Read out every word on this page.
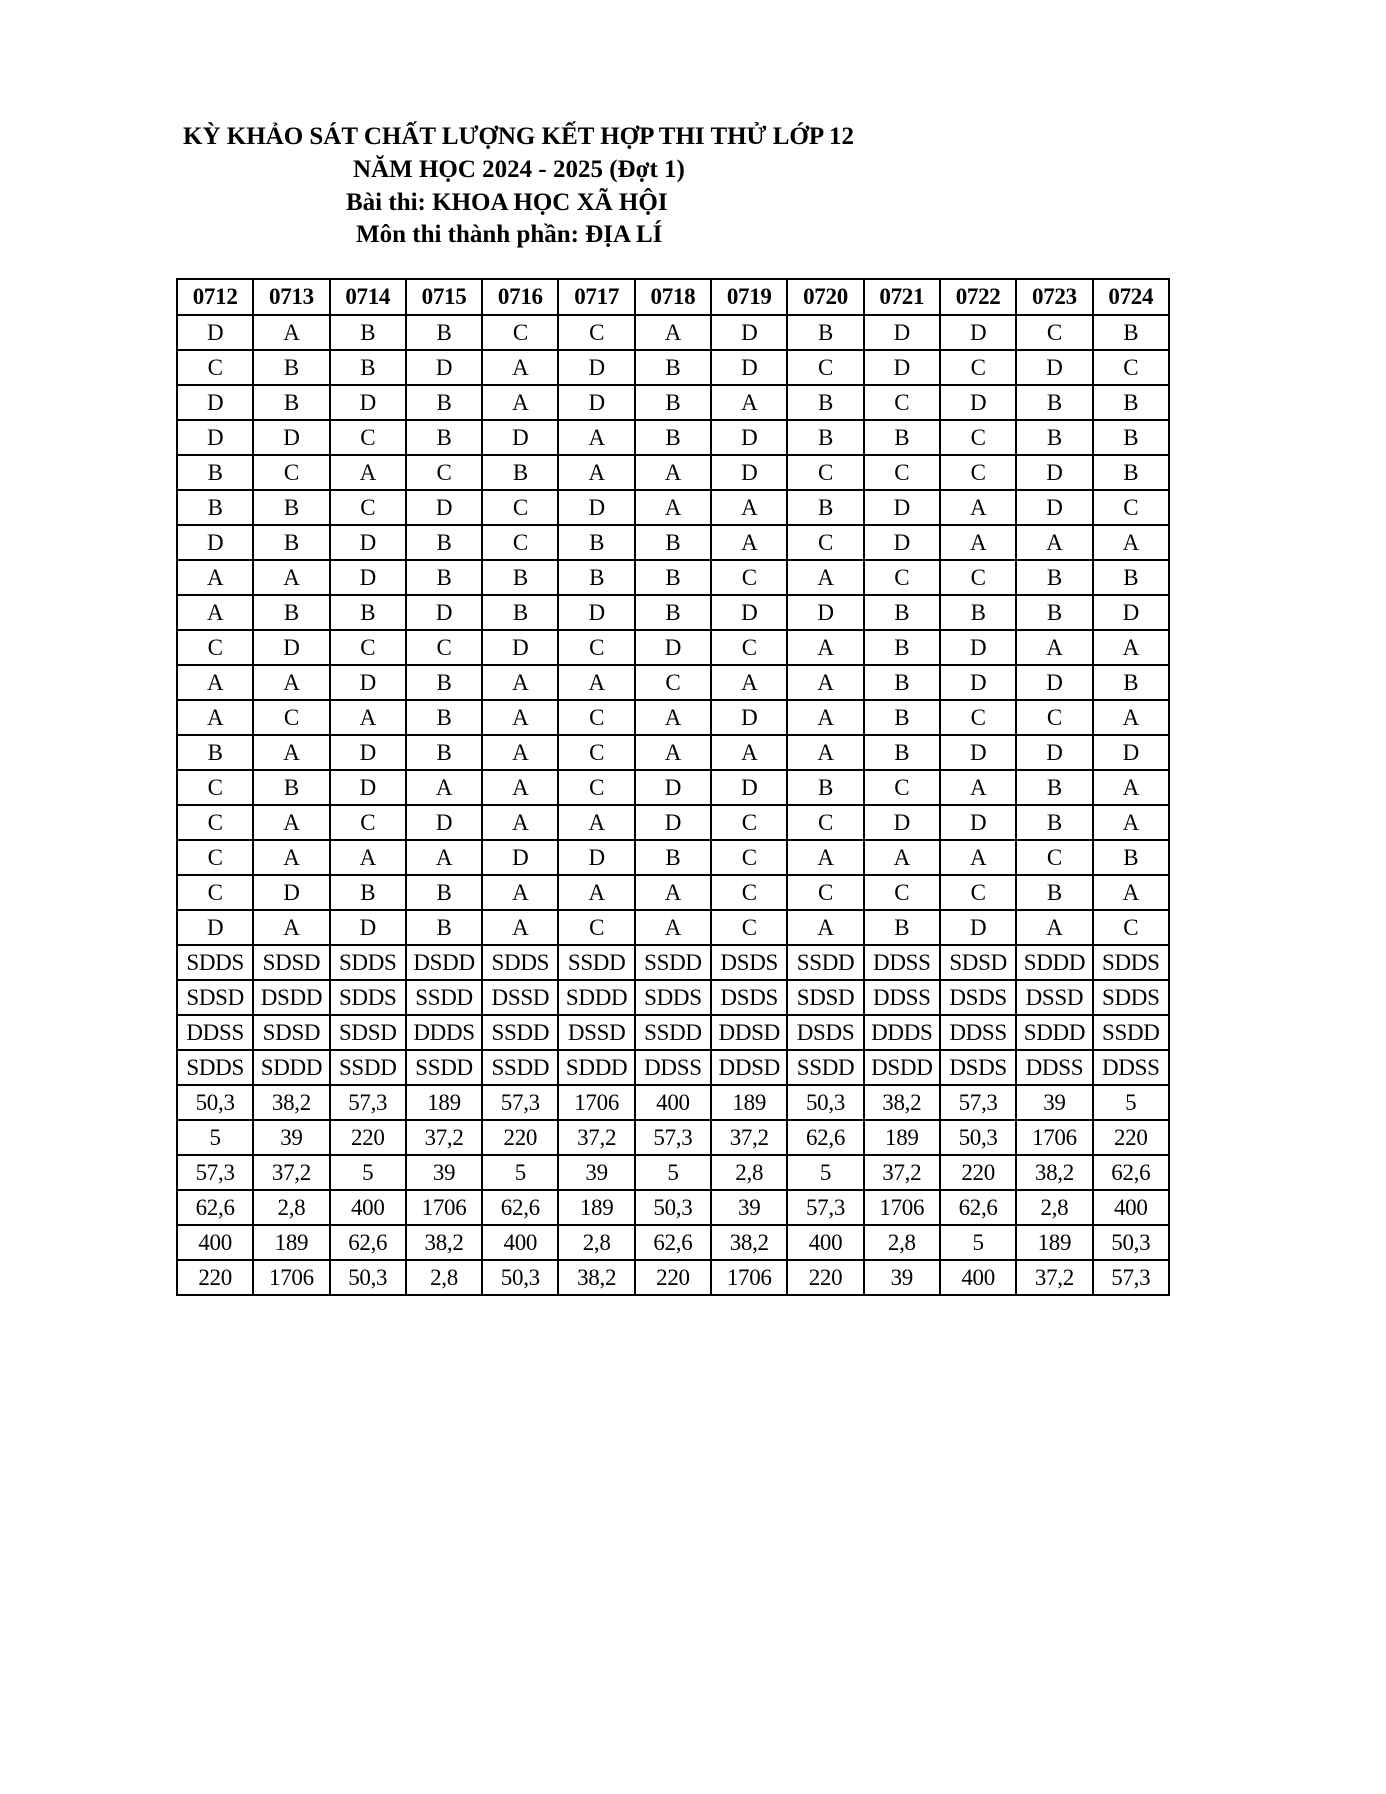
KỲ KHẢO SÁT CHẤT LƯỢNG KẾT HỢP THI THỬ LỚP 12
NĂM HỌC 2024 - 2025 (Đợt 1)
Bài thi: KHOA HỌC XÃ HỘI
Môn thi thành phần: ĐỊA LÍ
0712	0713	0714	0715	0716	0717	0718	0719	0720	0721	0722	0723	0724
D	A	B	B	C	C	A	D	B	D	D	C	B
C	B	B	D	A	D	B	D	C	D	C	D	C
D	B	D	B	A	D	B	A	B	C	D	B	B
D	D	C	B	D	A	B	D	B	B	C	B	B
B	C	A	C	B	A	A	D	C	C	C	D	B
B	B	C	D	C	D	A	A	B	D	A	D	C
D	B	D	B	C	B	B	A	C	D	A	A	A
A	A	D	B	B	B	B	C	A	C	C	B	B
A	B	B	D	B	D	B	D	D	B	B	B	D
C	D	C	C	D	C	D	C	A	B	D	A	A
A	A	D	B	A	A	C	A	A	B	D	D	B
A	C	A	B	A	C	A	D	A	B	C	C	A
B	A	D	B	A	C	A	A	A	B	D	D	D
C	B	D	A	A	C	D	D	B	C	A	B	A
C	A	C	D	A	A	D	C	C	D	D	B	A
C	A	A	A	D	D	B	C	A	A	A	C	B
C	D	B	B	A	A	A	C	C	C	C	B	A
D	A	D	B	A	C	A	C	A	B	D	A	C
SDDS	SDSD	SDDS	DSDD	SDDS	SSDD	SSDD	DSDS	SSDD	DDSS	SDSD	SDDD	SDDS
SDSD	DSDD	SDDS	SSDD	DSSD	SDDD	SDDS	DSDS	SDSD	DDSS	DSDS	DSSD	SDDS
DDSS	SDSD	SDSD	DDDS	SSDD	DSSD	SSDD	DDSD	DSDS	DDDS	DDSS	SDDD	SSDD
SDDS	SDDD	SSDD	SSDD	SSDD	SDDD	DDSS	DDSD	SSDD	DSDD	DSDS	DDSS	DDSS
50,3	38,2	57,3	189	57,3	1706	400	189	50,3	38,2	57,3	39	5
5	39	220	37,2	220	37,2	57,3	37,2	62,6	189	50,3	1706	220
57,3	37,2	5	39	5	39	5	2,8	5	37,2	220	38,2	62,6
62,6	2,8	400	1706	62,6	189	50,3	39	57,3	1706	62,6	2,8	400
400	189	62,6	38,2	400	2,8	62,6	38,2	400	2,8	5	189	50,3
220	1706	50,3	2,8	50,3	38,2	220	1706	220	39	400	37,2	57,3
